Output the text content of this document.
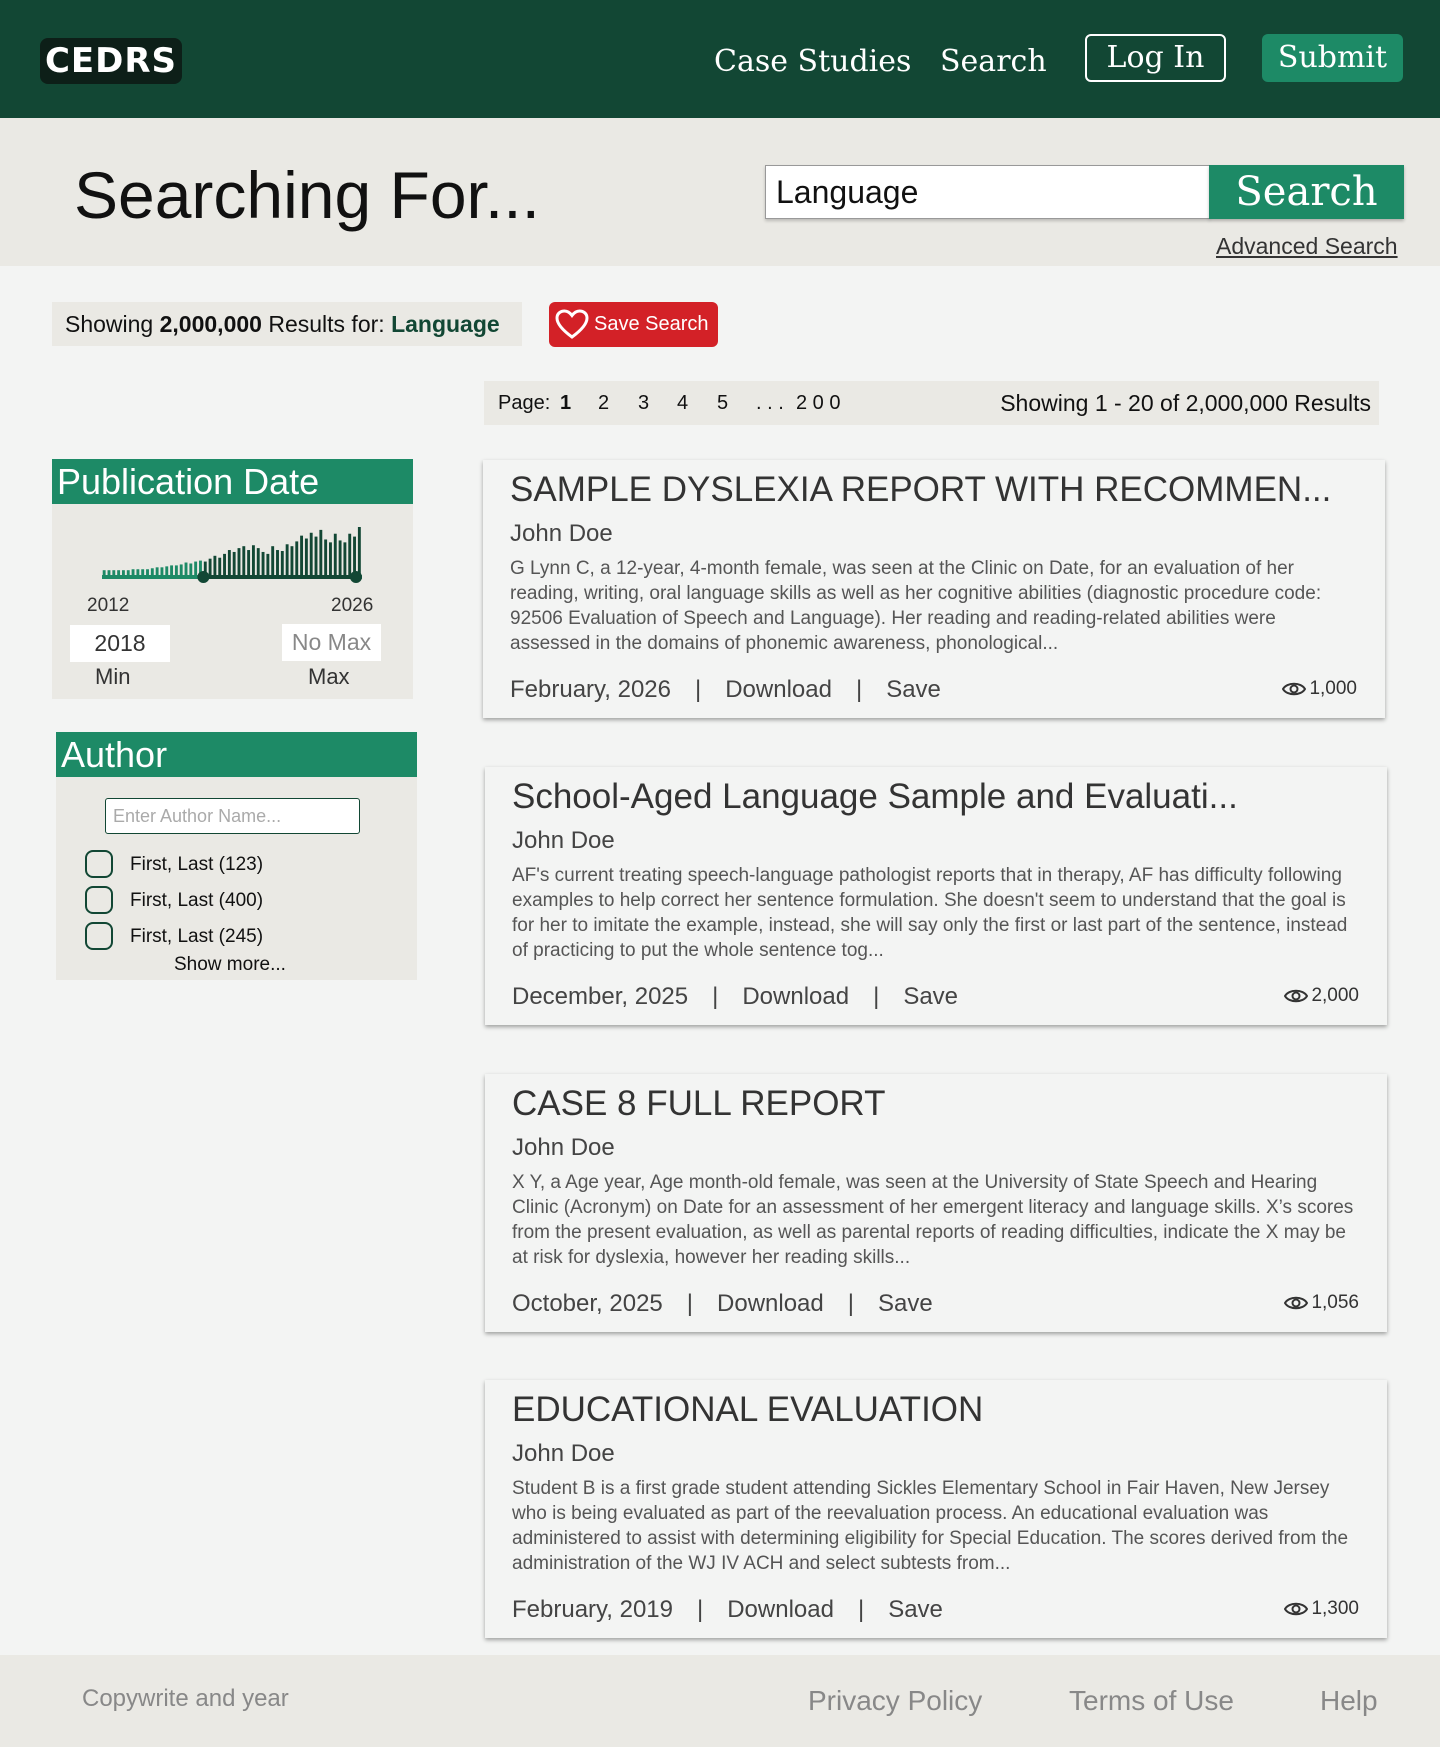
CEDRS	Case Studies Search	Log In	Submit
Searching For...	Language	Search
Advanced Search
Showing 2,000,000 Results for: Language	Save Search
Page: 1 2 3 4 5 . . . 2 0 0	Showing 1 - 20 of 2,000,000 Results
Publication Date
2012	2026
2018	No Max
Min	Max
Author
Enter Author Name...
First, Last (123)
First, Last (400)
First, Last (245)
Show more...
SAMPLE DYSLEXIA REPORT WITH RECOMMEN...
John Doe
G Lynn C, a 12-year, 4-month female, was seen at the Clinic on Date, for an evaluation of her reading, writing, oral language skills as well as her cognitive abilities (diagnostic procedure code: 92506 Evaluation of Speech and Language). Her reading and reading-related abilities were assessed in the domains of phonemic awareness, phonological...
February, 2026 | Download | Save	1,000
School-Aged Language Sample and Evaluati...
John Doe
AF's current treating speech-language pathologist reports that in therapy, AF has difficulty following examples to help correct her sentence formulation. She doesn't seem to understand that the goal is for her to imitate the example, instead, she will say only the first or last part of the sentence, instead of practicing to put the whole sentence tog...
December, 2025 | Download | Save	2,000
CASE 8 FULL REPORT
John Doe
X Y, a Age year, Age month-old female, was seen at the University of State Speech and Hearing Clinic (Acronym) on Date for an assessment of her emergent literacy and language skills. X’s scores from the present evaluation, as well as parental reports of reading difficulties, indicate the X may be at risk for dyslexia, however her reading skills...
October, 2025 | Download | Save	1,056
EDUCATIONAL EVALUATION
John Doe
Student B is a first grade student attending Sickles Elementary School in Fair Haven, New Jersey who is being evaluated as part of the reevaluation process. An educational evaluation was administered to assist with determining eligibility for Special Education. The scores derived from the administration of the WJ IV ACH and select subtests from...
February, 2019 | Download | Save	1,300
Copywrite and year	Privacy Policy	Terms of Use	Help
